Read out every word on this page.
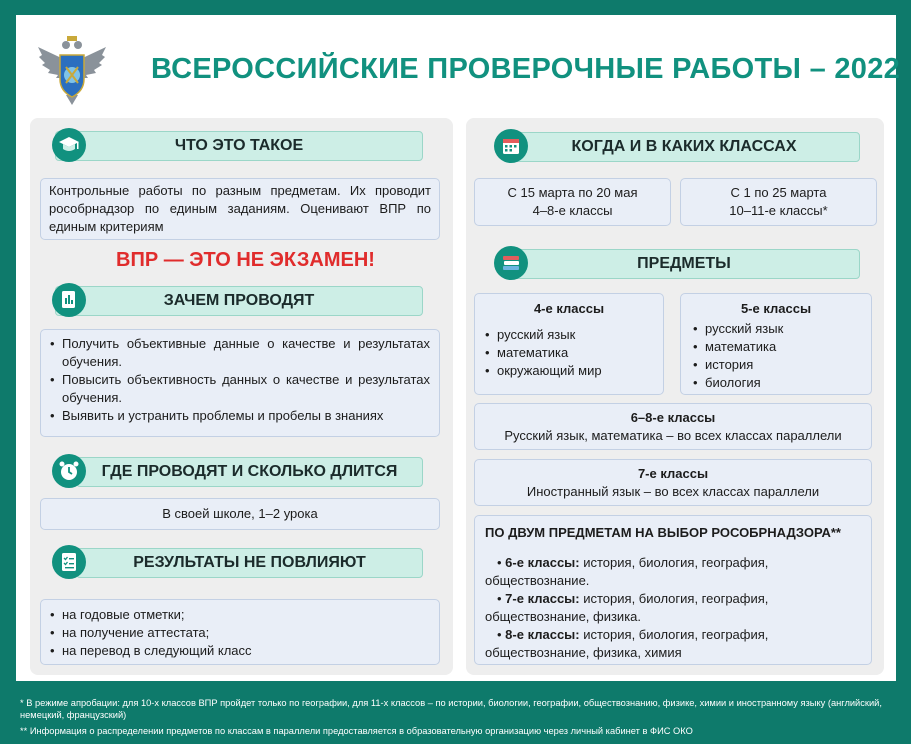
ВСЕРОССИЙСКИЕ ПРОВЕРОЧНЫЕ РАБОТЫ – 2022
ЧТО ЭТО ТАКОЕ
Контрольные работы по разным предметам. Их проводит рособрнадзор по единым заданиям. Оценивают ВПР по единым критериям
ВПР — ЭТО НЕ ЭКЗАМЕН!
ЗАЧЕМ ПРОВОДЯТ
• Получить объективные данные о качестве и результатах обучения.
• Повысить объективность данных о качестве и результатах обучения.
• Выявить и устранить проблемы и пробелы в знаниях
ГДЕ ПРОВОДЯТ И СКОЛЬКО ДЛИТСЯ
В своей школе, 1–2 урока
РЕЗУЛЬТАТЫ НЕ ПОВЛИЯЮТ
• на годовые отметки;
• на получение аттестата;
• на перевод в следующий класс
КОГДА И В КАКИХ КЛАССАХ
С 15 марта по 20 мая
4–8-е классы
С 1 по 25 марта
10–11-е классы*
ПРЕДМЕТЫ
4-е классы
• русский язык
• математика
• окружающий мир
5-е классы
• русский язык
• математика
• история
• биология
6–8-е классы
Русский язык, математика – во всех классах параллели
7-е классы
Иностранный язык – во всех классах параллели
ПО ДВУМ ПРЕДМЕТАМ НА ВЫБОР РОСОБРНАДЗОРА**
• 6-е классы: история, биология, география,
обществознание.
• 7-е классы: история, биология, география,
обществознание, физика.
• 8-е классы: история, биология, география,
обществознание, физика, химия
* В режиме апробации: для 10-х классов ВПР пройдет только по географии, для 11-х классов – по истории, биологии, географии, обществознанию, физике, химии и иностранному языку (английский, немецкий, французский)
** Информация о распределении предметов по классам в параллели предоставляется в образовательную организацию через личный кабинет в ФИС ОКО
